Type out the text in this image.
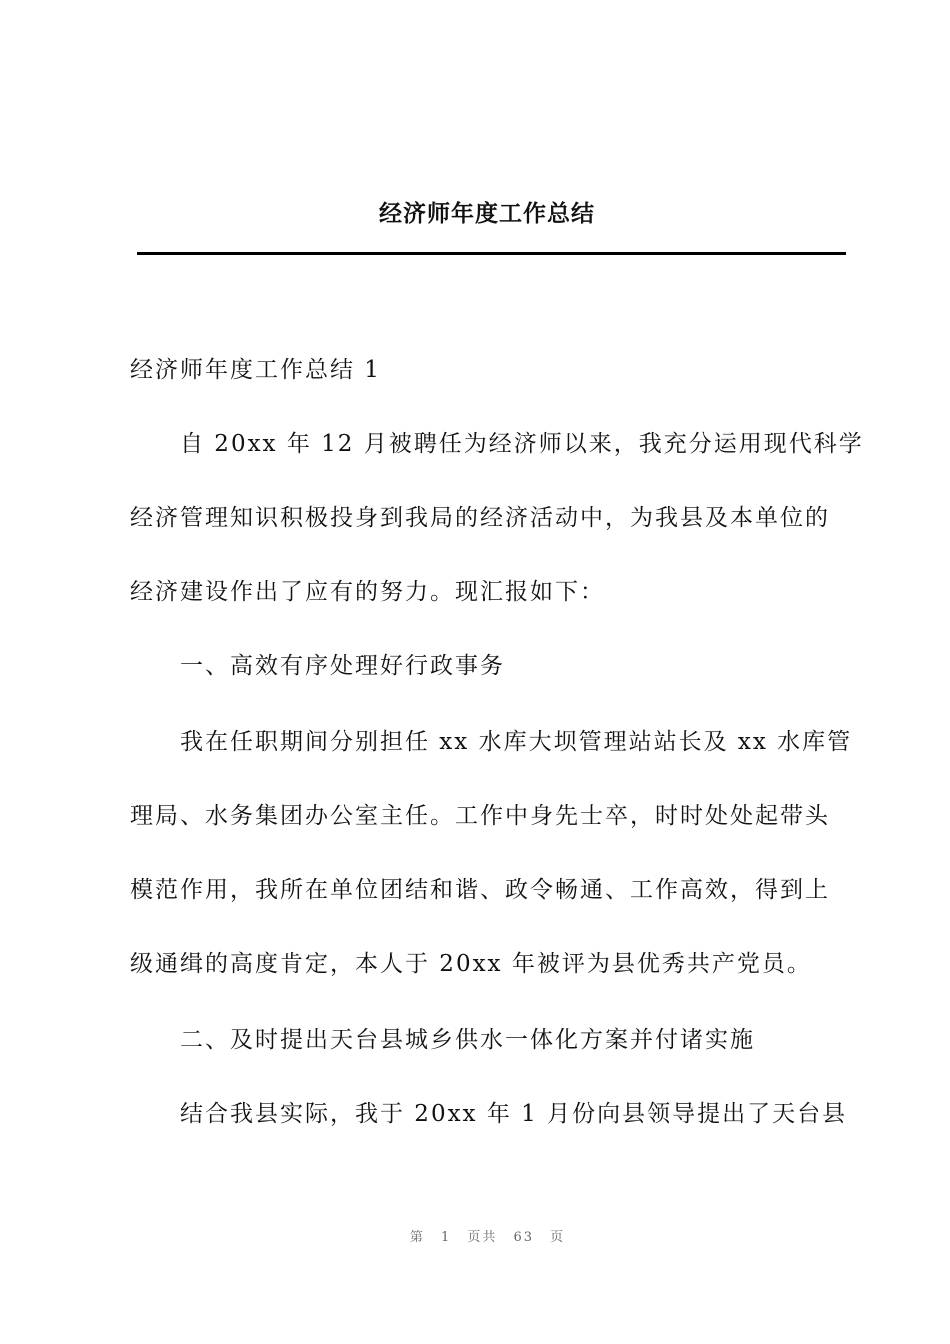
经济师年度工作总结
经济师年度工作总结 1
自 20xx 年 12 月被聘任为经济师以来，我充分运用现代科学
经济管理知识积极投身到我局的经济活动中，为我县及本单位的
经济建设作出了应有的努力。现汇报如下：
一、高效有序处理好行政事务
我在任职期间分别担任 xx 水库大坝管理站站长及 xx 水库管
理局、水务集团办公室主任。工作中身先士卒，时时处处起带头
模范作用，我所在单位团结和谐、政令畅通、工作高效，得到上
级通缉的高度肯定，本人于 20xx 年被评为县优秀共产党员。
二、及时提出天台县城乡供水一体化方案并付诸实施
结合我县实际，我于 20xx 年 1 月份向县领导提出了天台县
第 1 页共 63 页
